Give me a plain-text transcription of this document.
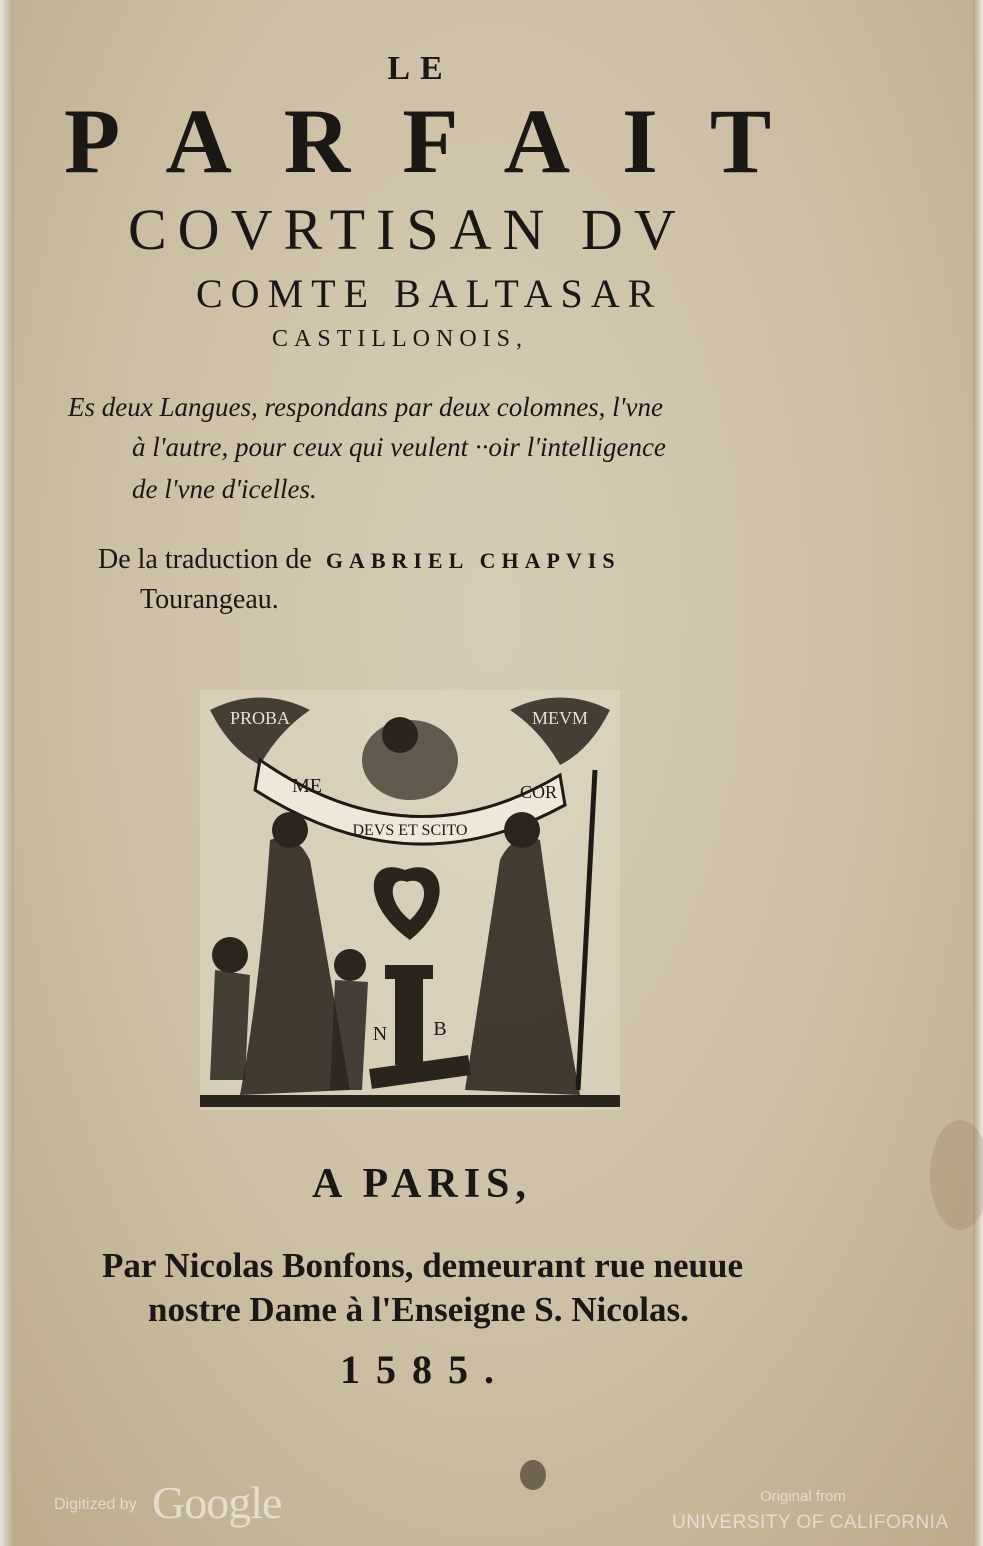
LE

PARFAIT

COVRTISAN DV

COMTE BALTASAR

CASTILLONOIS,

Es deux Langues, respondans par deux colomnes, l'vne

à l'autre, pour ceux qui veulent ··oir l'intelligence

de l'vne d'icelles.

De la traduction de GABRIEL CHAPVIS

Tourangeau.

PROBA	MEVM
ME
DEVS ET SCITO
COR
N B

A PARIS,

Par Nicolas Bonfons, demeurant rue neuue

nostre Dame à l'Enseigne S. Nicolas.

1585.

Digitized by Google	Original from

UNIVERSITY OF CALIFORNIA
